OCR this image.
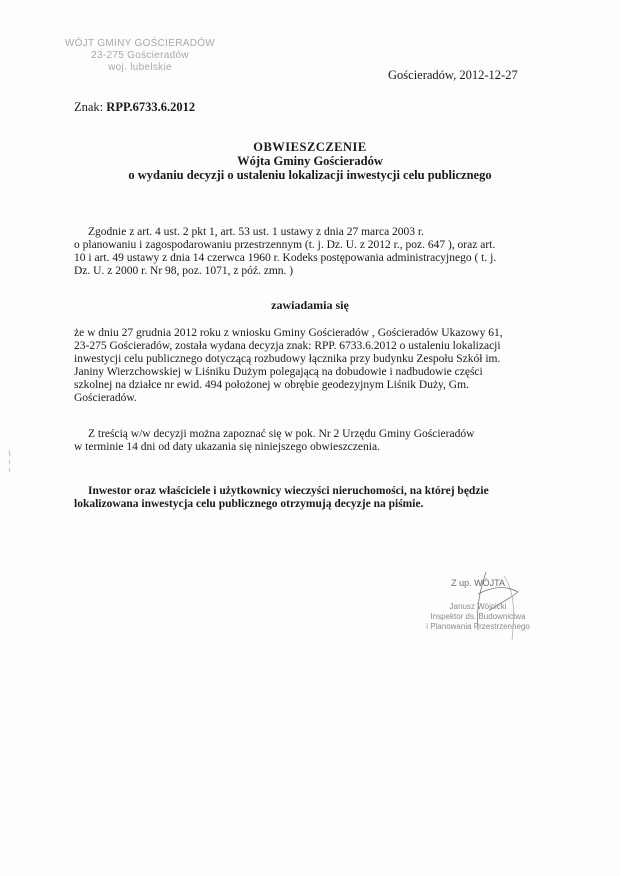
WÓJT GMINY GOŚCIERADÓW
23-275 Gościeradów
woj. lubelskie
Gościeradów, 2012-12-27
Znak: RPP.6733.6.2012
OBWIESZCZENIE
Wójta Gminy Gościeradów
o wydaniu decyzji o ustaleniu lokalizacji inwestycji celu publicznego
Zgodnie z art. 4 ust. 2 pkt 1, art. 53 ust. 1 ustawy z dnia 27 marca 2003 r.
o planowaniu i zagospodarowaniu przestrzennym (t. j. Dz. U. z 2012 r., poz. 647 ), oraz art.
10 i art. 49 ustawy z dnia 14 czerwca 1960 r. Kodeks postępowania administracyjnego ( t. j.
Dz. U. z 2000 r. Nr 98, poz. 1071, z póź. zmn. )
zawiadamia się
że w dniu 27 grudnia 2012 roku z wniosku Gminy Gościeradów , Gościeradów Ukazowy 61,
23-275 Gościeradów, została wydana decyzja znak: RPP. 6733.6.2012 o ustaleniu lokalizacji
inwestycji celu publicznego dotyczącą rozbudowy łącznika przy budynku Zespołu Szkół im.
Janiny Wierzchowskiej w Liśniku Dużym polegającą na dobudowie i nadbudowie części
szkolnej na działce nr ewid. 494 położonej w obrębie geodezyjnym Liśnik Duży, Gm.
Gościeradów.
Z treścią w/w decyzji można zapoznać się w pok. Nr 2 Urzędu Gminy Gościeradów
w terminie 14 dni od daty ukazania się niniejszego obwieszczenia.
Inwestor oraz właściciele i użytkownicy wieczyści nieruchomości, na której będzie
lokalizowana inwestycja celu publicznego otrzymują decyzje na piśmie.
Z up. WÓJTA
Janusz Wójcicki
Inspektor ds. Budownictwa
i Planowania Przestrzennego
